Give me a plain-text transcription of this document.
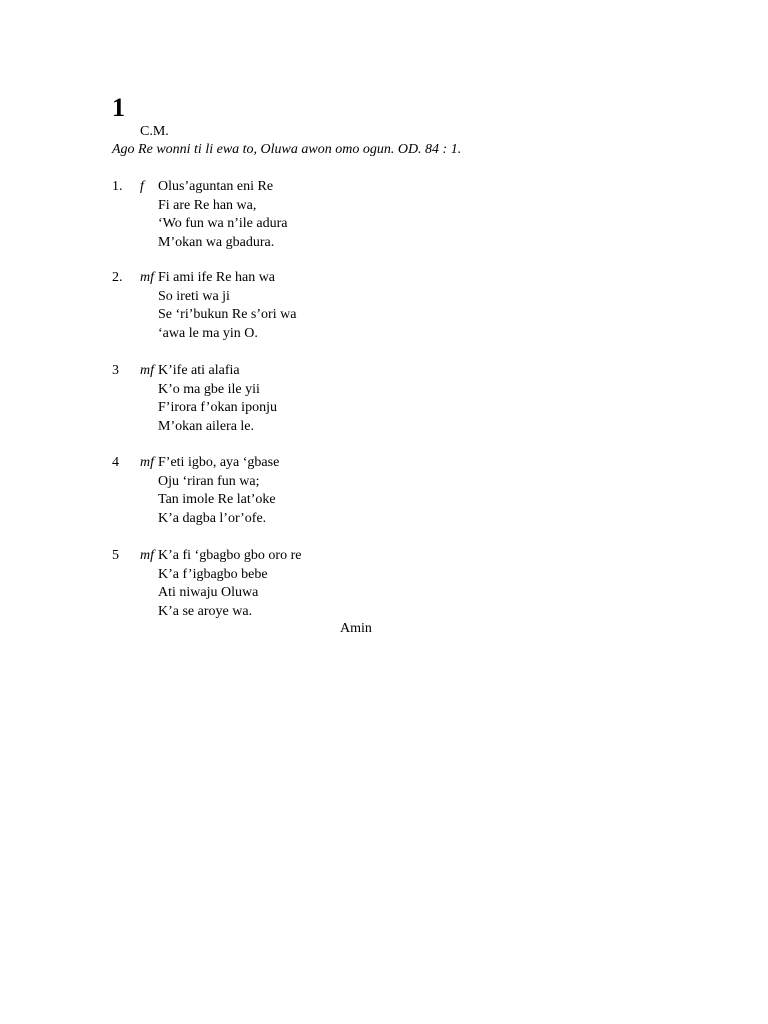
1
C.M.
Ago Re wonni ti li ewa to, Oluwa awon omo ogun. OD. 84 : 1.
1.	f Olus’aguntan eni Re
Fi are Re han wa,
‘Wo fun wa n’ile adura
M’okan wa gbadura.
2.	mf Fi ami ife Re han wa
So ireti wa ji
Se ‘ri’bukun Re s’ori wa
‘awa le ma yin O.
3	mf K’ife ati alafia
K’o ma gbe ile yii
F’irora f’okan iponju
M’okan ailera le.
4	mf F’eti igbo, aya ‘gbase
Oju ‘riran fun wa;
Tan imole Re lat’oke
K’a dagba l’or’ofe.
5	mf K’a fi ‘gbagbo gbo oro re
K’a f’igbagbo bebe
Ati niwaju Oluwa
K’a se aroye wa.
Amin
